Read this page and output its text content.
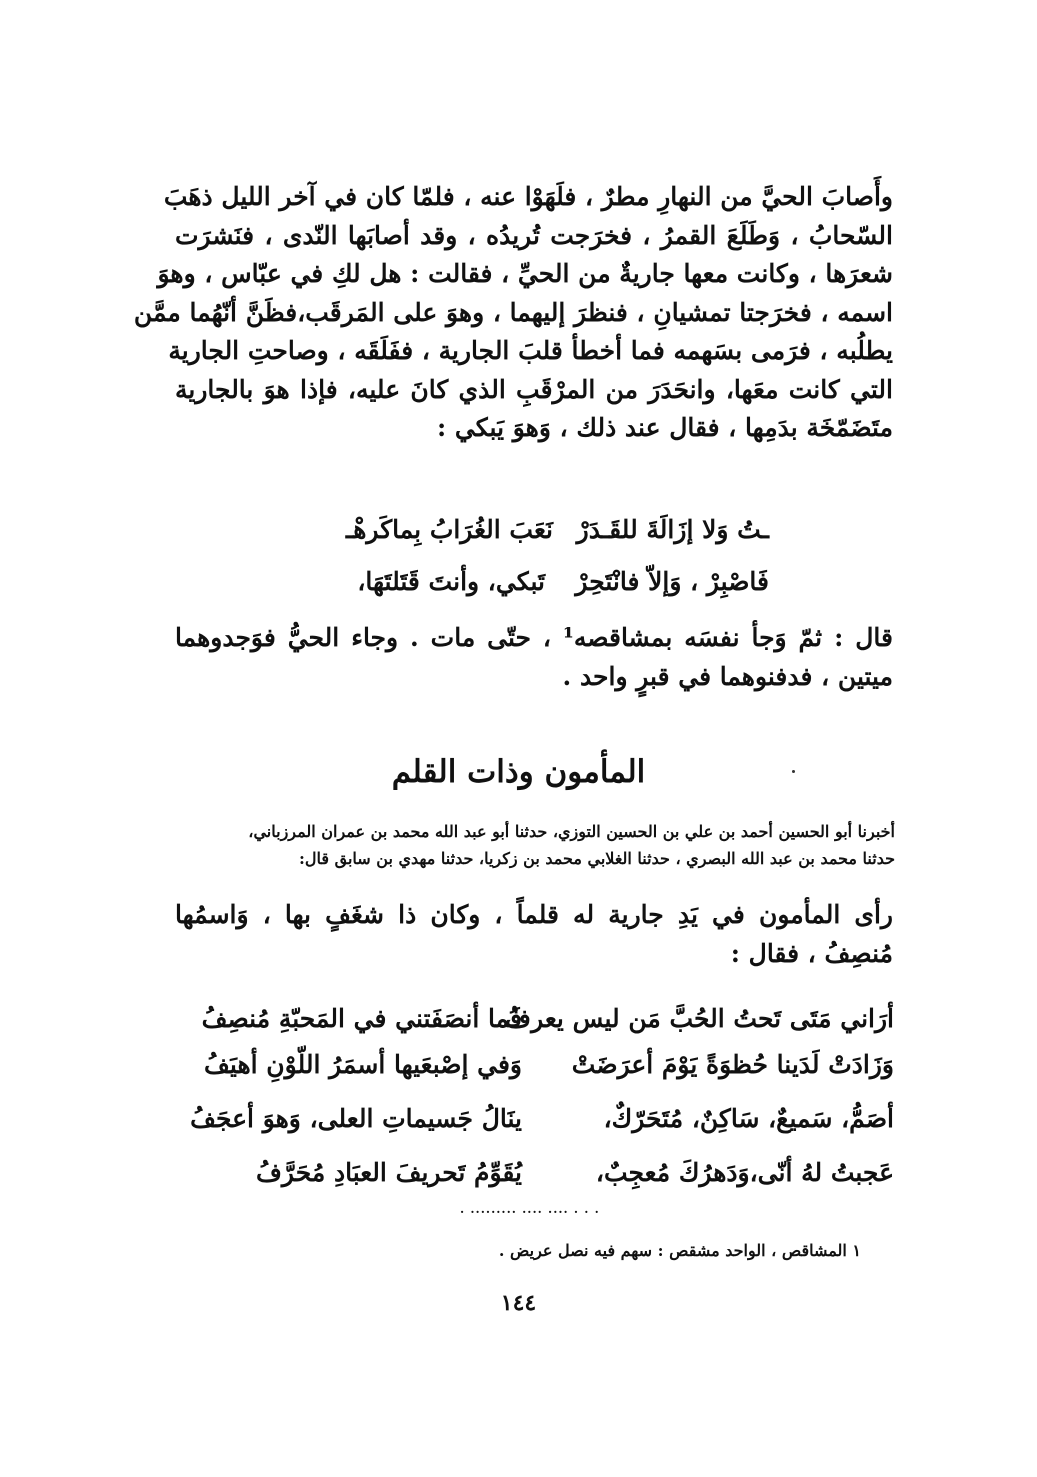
وأَصابَ الحيَّ من النهارِ مطرٌ ، فلَهَوْا عنه ، فلمّا كان في آخر الليل ذهَبَ
السّحابُ ، وَطَلَعَ القمرُ ، فخرَجت تُريدُه ، وقد أصابَها النّدى ، فنَشرَت
شعرَها ، وكانت معها جاريةٌ من الحيِّ ، فقالت : هل لكِ في عبّاس ، وهوَ
اسمه ، فخرَجتا تمشيانِ ، فنظرَ إليهما ، وهوَ على المَرقَب،فظَنَّ أنّهُما ممَّن
يطلُبه ، فرَمى بسَهمه فما أخطأ قلبَ الجارية ، ففَلَقَه ، وصاحتِ الجارية
التي كانت معَها، وانحَدَرَ من المرْقَبِ الذي كانَ عليه، فإذا هوَ بالجارية
متَضَمّخَة بدَمِها ، فقال عند ذلك ، وَهوَ يَبكي :
نَعَبَ الغُرَابُ بِماكَرهْـ ـتُ وَلا إزَالَةَ للقَـدَرْ
تَبكي، وأنتَ قَتَلتَهَا، فَاصْبِرْ ، وَإلاّ فانْتَحِرْ
قال : ثمّ وَجأ نفسَه بمشاقصه¹ ، حتّى مات . وجاء الحيُّ فوَجدوهما
ميتين ، فدفنوهما في قبرٍ واحد .
المأمون وذات القلم
أخبرنا أبو الحسين أحمد بن علي بن الحسين التوزي، حدثنا أبو عبد الله محمد بن عمران المرزباني،
حدثنا محمد بن عبد الله البصري ، حدثنا الغلابي محمد بن زكريا، حدثنا مهدي بن سابق قال:
رأى المأمون في يَدِ جارية له قلماً ، وكان ذا شغَفٍ بها ، وَاسمُها
مُنصِفُ ، فقال :
أرَاني مَتَى تَحتُ الحُبَّ مَن ليس يعرفُ
فَما أنصَفَتني في المَحبّةِ مُنصِفُ
وَزَادَتْ لَدَينا حُظوَةً يَوْمَ أعرَضَتْ
وَفي إصْبعَيها أسمَرُ اللّوْنِ أهيَفُ
أصَمُّ، سَميعٌ، سَاكِنٌ، مُتَحَرّكٌ،
ينَالُ جَسيماتِ العلى، وَهوَ أعجَفُ
عَجبتُ لهُ أنّى،وَدَهرُكَ مُعجِبٌ،
يُقَوِّمُ تَحريفَ العبَادِ مُحَرَّفُ
. ......... .... .... . . .
١ المشاقص ، الواحد مشقص : سهم فيه نصل عريض .
١٤٤
